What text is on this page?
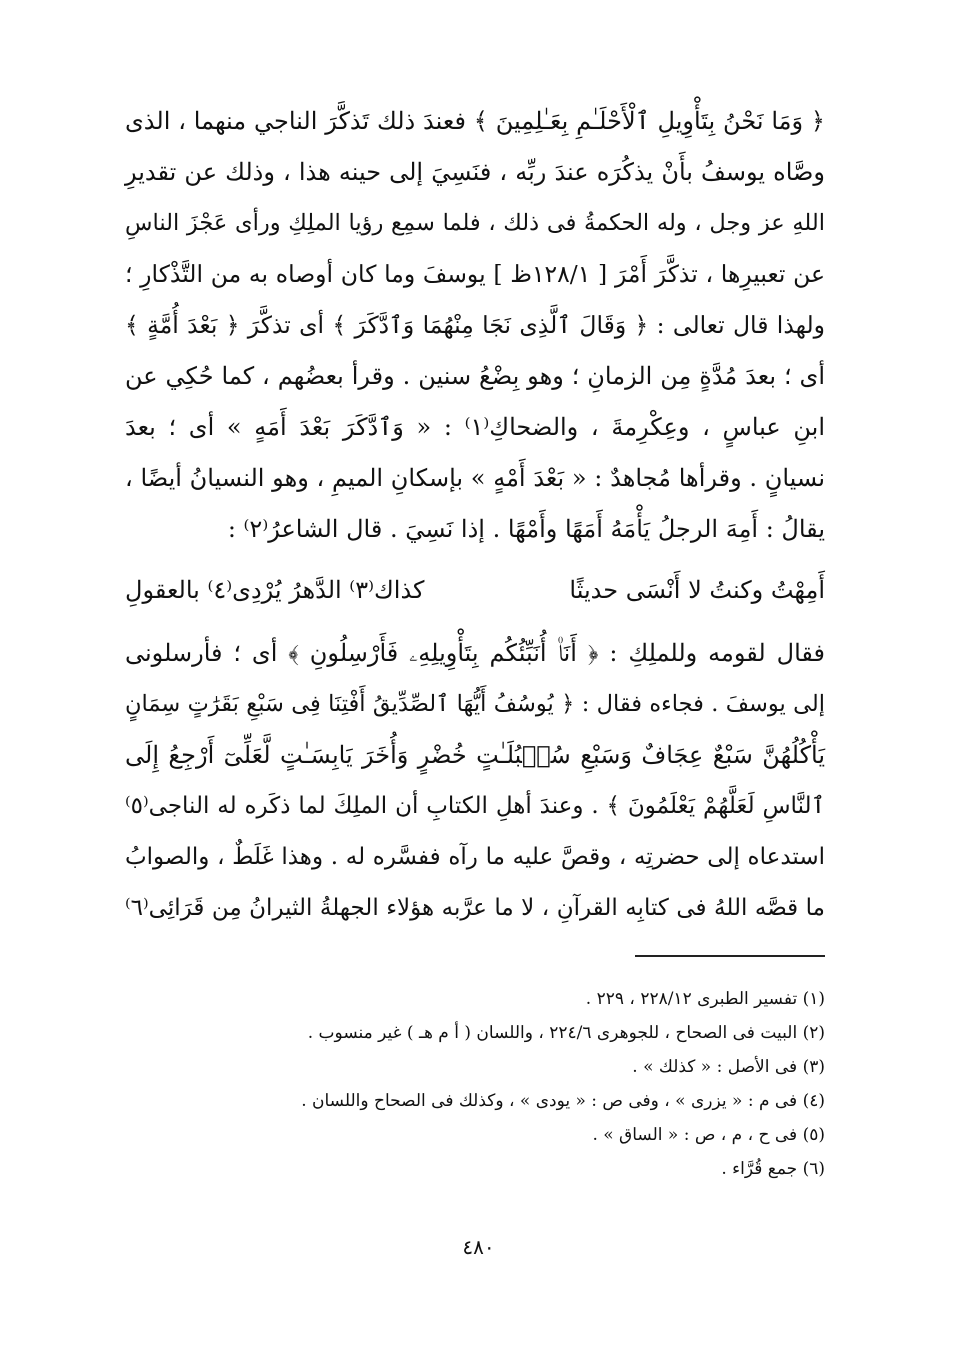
﴿ وَمَا نَحْنُ بِتَأْوِيلِ ٱلْأَحْلَـٰمِ بِعَـٰلِمِينَ ﴾ فعندَ ذلك تَذكَّرَ الناجي منهما ، الذى
وصَّاه يوسفُ بأَنْ يذكُرَه عندَ ربِّه ، فنَسِيَ إلى حينه هذا ، وذلك عن تقديرِ
اللهِ عز وجل ، وله الحكمةُ فى ذلك ، فلما سمِع رؤيا الملِكِ ورأى عَجْزَ الناسِ
عن تعبيرِها ، تذكَّرَ أَمْرَ [ ١٢٨/١ظ ] يوسفَ وما كان أوصاه به من التَّذْكارِ ؛
ولهذا قال تعالى : ﴿ وَقَالَ ٱلَّذِى نَجَا مِنْهُمَا وَٱدَّكَرَ ﴾ أى تذكَّرَ ﴿ بَعْدَ أُمَّةٍ ﴾
أى ؛ بعدَ مُدَّةٍ مِن الزمانِ ؛ وهو بِضْعُ سنين . وقرأ بعضُهم ، كما حُكِي عن
ابنِ عباسٍ ، وعِكْرِمةَ ، والضحاكِ⁽١⁾ : « وَٱدَّكَرَ بَعْدَ أَمَهٍ » أى ؛ بعدَ
نسيانٍ . وقرأها مُجاهدٌ : « بَعْدَ أَمْهٍ » بإسكانِ الميمِ ، وهو النسيانُ أيضًا ،
يقالُ : أَمِهَ الرجلُ يَأْمَهُ أَمَهًا وأَمْهًا . إذا نَسِيَ . قال الشاعرُ⁽٢⁾ :
أَمِهْتُ وكنتُ لا أَنْسَى حديثًا
كذاك⁽٣⁾ الدَّهرُ يُرْدِى⁽٤⁾ بالعقولِ
فقال لقومه وللملِكِ : ﴿ أَنَا۠ أُنَبِّئُكُم بِتَأْوِيلِهِۦ فَأَرْسِلُونِ ﴾ أى ؛ فأرسلونى
إلى يوسفَ . فجاءه فقال : ﴿ يُوسُفُ أَيُّهَا ٱلصِّدِّيقُ أَفْتِنَا فِى سَبْعِ بَقَرَٰتٍ سِمَانٍ
يَأْكُلُهُنَّ سَبْعٌ عِجَافٌ وَسَبْعِ سُنۢبُلَـٰتٍ خُضْرٍ وَأُخَرَ يَابِسَـٰتٍ لَّعَلِّىٓ أَرْجِعُ إِلَى
ٱلنَّاسِ لَعَلَّهُمْ يَعْلَمُونَ ﴾ . وعندَ أهلِ الكتابِ أن الملِكَ لما ذكَره له الناجى⁽٥⁾
استدعاه إلى حضرتِه ، وقصَّ عليه ما رآه ففسَّره له . وهذا غَلَطٌ ، والصوابُ
ما قصَّه اللهُ فى كتابِه القرآنِ ، لا ما عرَّبه هؤلاء الجهلةُ الثيرانُ مِن قَرَائِى⁽٦⁾
(١) تفسير الطبرى ٢٢٨/١٢ ، ٢٢٩ .
(٢) البيت فى الصحاح ، للجوهرى ٢٢٤/٦ ، واللسان ( أ م هـ ) غير منسوب .
(٣) فى الأصل : « كذلك » .
(٤) فى م : « يزرى » ، وفى ص : « يودى » ، وكذلك فى الصحاح واللسان .
(٥) فى ح ، م ، ص : « الساق » .
(٦) جمع قُرَّاء .
٤٨٠
